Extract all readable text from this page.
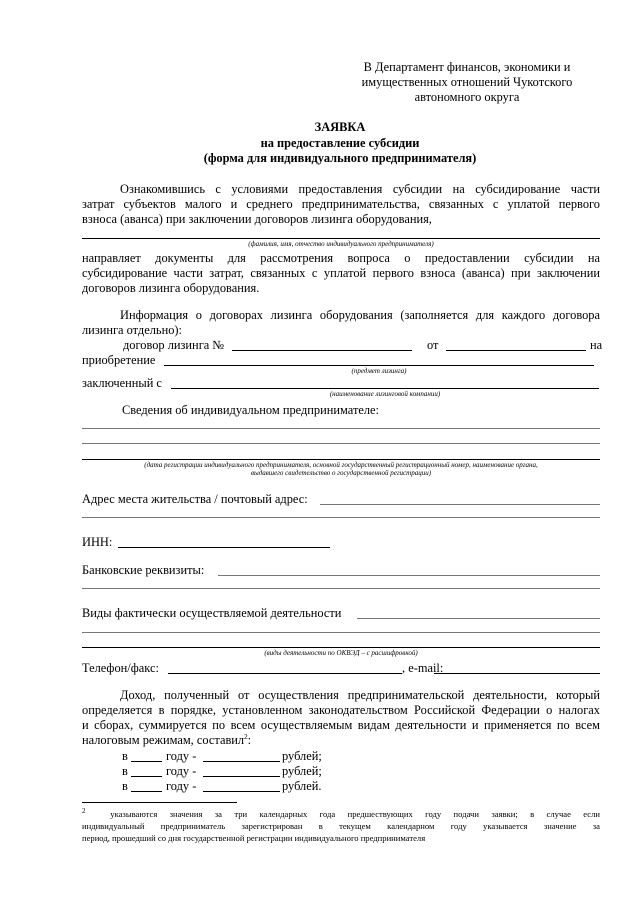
В Департамент финансов, экономики и
имущественных отношений Чукотского
автономного округа
ЗАЯВКА
на предоставление субсидии
(форма для индивидуального предпринимателя)
Ознакомившись с условиями предоставления субсидии на субсидирование части
затрат субъектов малого и среднего предпринимательства, связанных с уплатой первого
взноса (аванса) при заключении договоров лизинга оборудования,
(фамилия, имя, отчество индивидуального предпринимателя)
направляет документы для рассмотрения вопроса о предоставлении субсидии на
субсидирование части затрат, связанных с уплатой первого взноса (аванса) при заключении
договоров лизинга оборудования.
Информация о договорах лизинга оборудования (заполняется для каждого договора
лизинга отдельно):
договор лизинга №	от	на
приобретение
(предмет лизинга)
заключенный с
(наименование лизинговой компании)
Сведения об индивидуальном предпринимателе:
(дата регистрации индивидуального предпринимателя, основной государственный регистрационный номер, наименование органа,
выдавшего свидетельство о государственной регистрации)
Адрес места жительства / почтовый адрес:
ИНН:
Банковские реквизиты:
Виды фактически осуществляемой деятельности
(виды деятельности по ОКВЭД – с расшифровкой)
Телефон/факс:	, e-mail:
Доход, полученный от осуществления предпринимательской деятельности, который
определяется в порядке, установленном законодательством Российской Федерации о налогах
и сборах, суммируется по всем осуществляемым видам деятельности и применяется по всем
налоговым режимам, составил$^2$:
в	году -	рублей;
в	году -	рублей;
в	году -	рублей.
$^2$	указываются значения за три календарных года предшествующих году подачи заявки; в случае если
индивидуальный предприниматель зарегистрирован в текущем календарном году указывается значение за
период, прошедший со дня государственной регистрации индивидуального предпринимателя
